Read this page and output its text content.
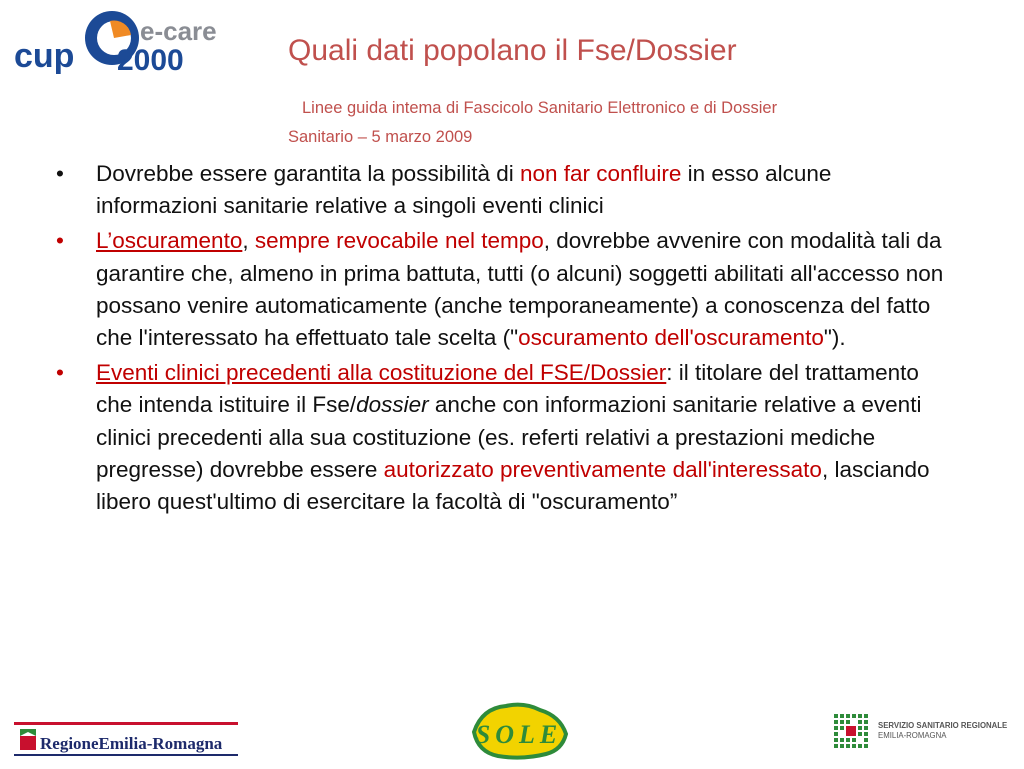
cup 2000
e-care
Quali dati popolano il Fse/Dossier
Linee guida intema di Fascicolo Sanitario Elettronico e di Dossier
Sanitario – 5 marzo 2009
• Dovrebbe essere garantita la possibilità di non far confluire in esso alcune informazioni sanitarie relative a singoli eventi clinici
• L’oscuramento, sempre revocabile nel tempo, dovrebbe avvenire con modalità tali da garantire che, almeno in prima battuta, tutti (o alcuni) soggetti abilitati all'accesso non possano venire automaticamente (anche temporaneamente) a conoscenza del fatto che l'interessato ha effettuato tale scelta ("oscuramento dell'oscuramento").
• Eventi clinici precedenti alla costituzione del FSE/Dossier: il titolare del trattamento che intenda istituire il Fse/dossier anche con informazioni sanitarie relative a eventi clinici precedenti alla sua costituzione (es. referti relativi a prestazioni mediche pregresse) dovrebbe essere autorizzato preventivamente dall'interessato, lasciando libero quest'ultimo di esercitare la facoltà di "oscuramento”
RegioneEmilia-Romagna	SOLE	SERVIZIO SANITARIO REGIONALE
EMILIA-ROMAGNA
